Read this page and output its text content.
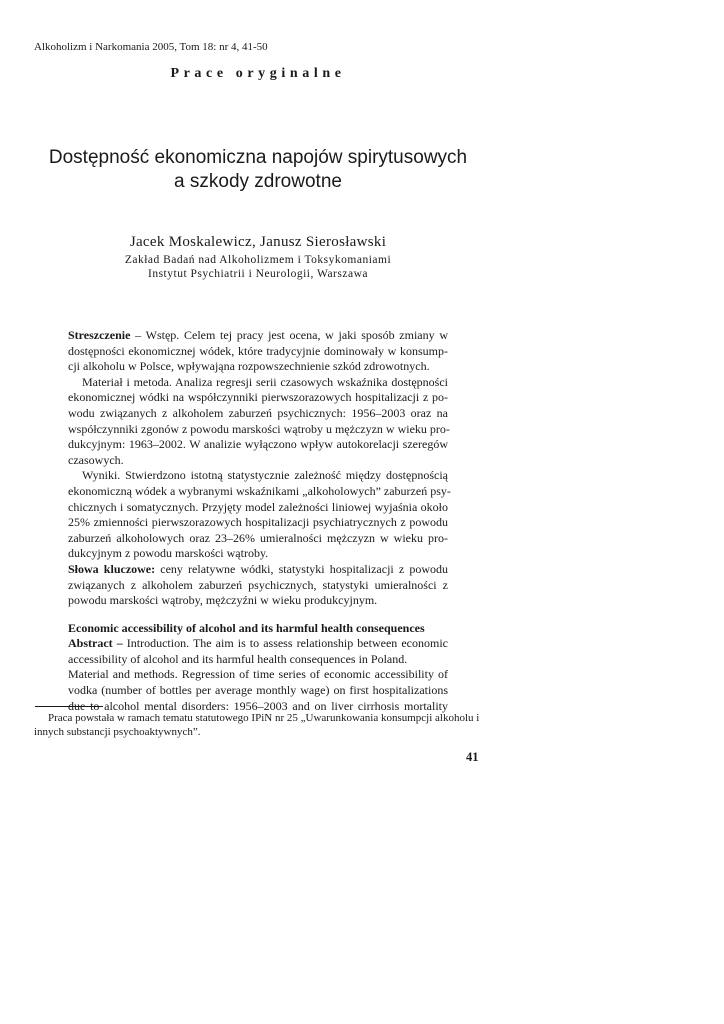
Alkoholizm i Narkomania 2005, Tom 18: nr 4, 41-50
Prace oryginalne
Dostępność ekonomiczna napojów spirytusowych
a szkody zdrowotne
Jacek Moskalewicz, Janusz Sierosławski
Zakład Badań nad Alkoholizmem i Toksykomaniami
Instytut Psychiatrii i Neurologii, Warszawa
Streszczenie – Wstęp. Celem tej pracy jest ocena, w jaki sposób zmiany w
dostępności ekonomicznej wódek, które tradycyjnie dominowały w konsump-
cji alkoholu w Polsce, wpływająna rozpowszechnienie szkód zdrowotnych.
Materiał i metoda. Analiza regresji serii czasowych wskaźnika dostępności
ekonomicznej wódki na współczynniki pierwszorazowych hospitalizacji z po-
wodu związanych z alkoholem zaburzeń psychicznych: 1956–2003 oraz na
współczynniki zgonów z powodu marskości wątroby u mężczyzn w wieku pro-
dukcyjnym: 1963–2002. W analizie wyłączono wpływ autokorelacji szeregów
czasowych.
Wyniki. Stwierdzono istotną statystycznie zależność między dostępnością
ekonomiczną wódek a wybranymi wskaźnikami „alkoholowych” zaburzeń psy-
chicznych i somatycznych. Przyjęty model zależności liniowej wyjaśnia około
25% zmienności pierwszorazowych hospitalizacji psychiatrycznych z powodu
zaburzeń alkoholowych oraz 23–26% umieralności mężczyzn w wieku pro-
dukcyjnym z powodu marskości wątroby.
Słowa kluczowe: ceny relatywne wódki, statystyki hospitalizacji z powodu
związanych z alkoholem zaburzeń psychicznych, statystyki umieralności z
powodu marskości wątroby, mężczyźni w wieku produkcyjnym.
Economic accessibility of alcohol and its harmful health consequences
Abstract – Introduction. The aim is to assess relationship between economic
accessibility of alcohol and its harmful health consequences in Poland.
Material and methods. Regression of time series of economic accessibility of
vodka (number of bottles per average monthly wage) on first hospitalizations
due to alcohol mental disorders: 1956–2003 and on liver cirrhosis mortality
Praca powstała w ramach tematu statutowego IPiN nr 25 „Uwarunkowania konsumpcji alkoholu i
innych substancji psychoaktywnych”.
41
